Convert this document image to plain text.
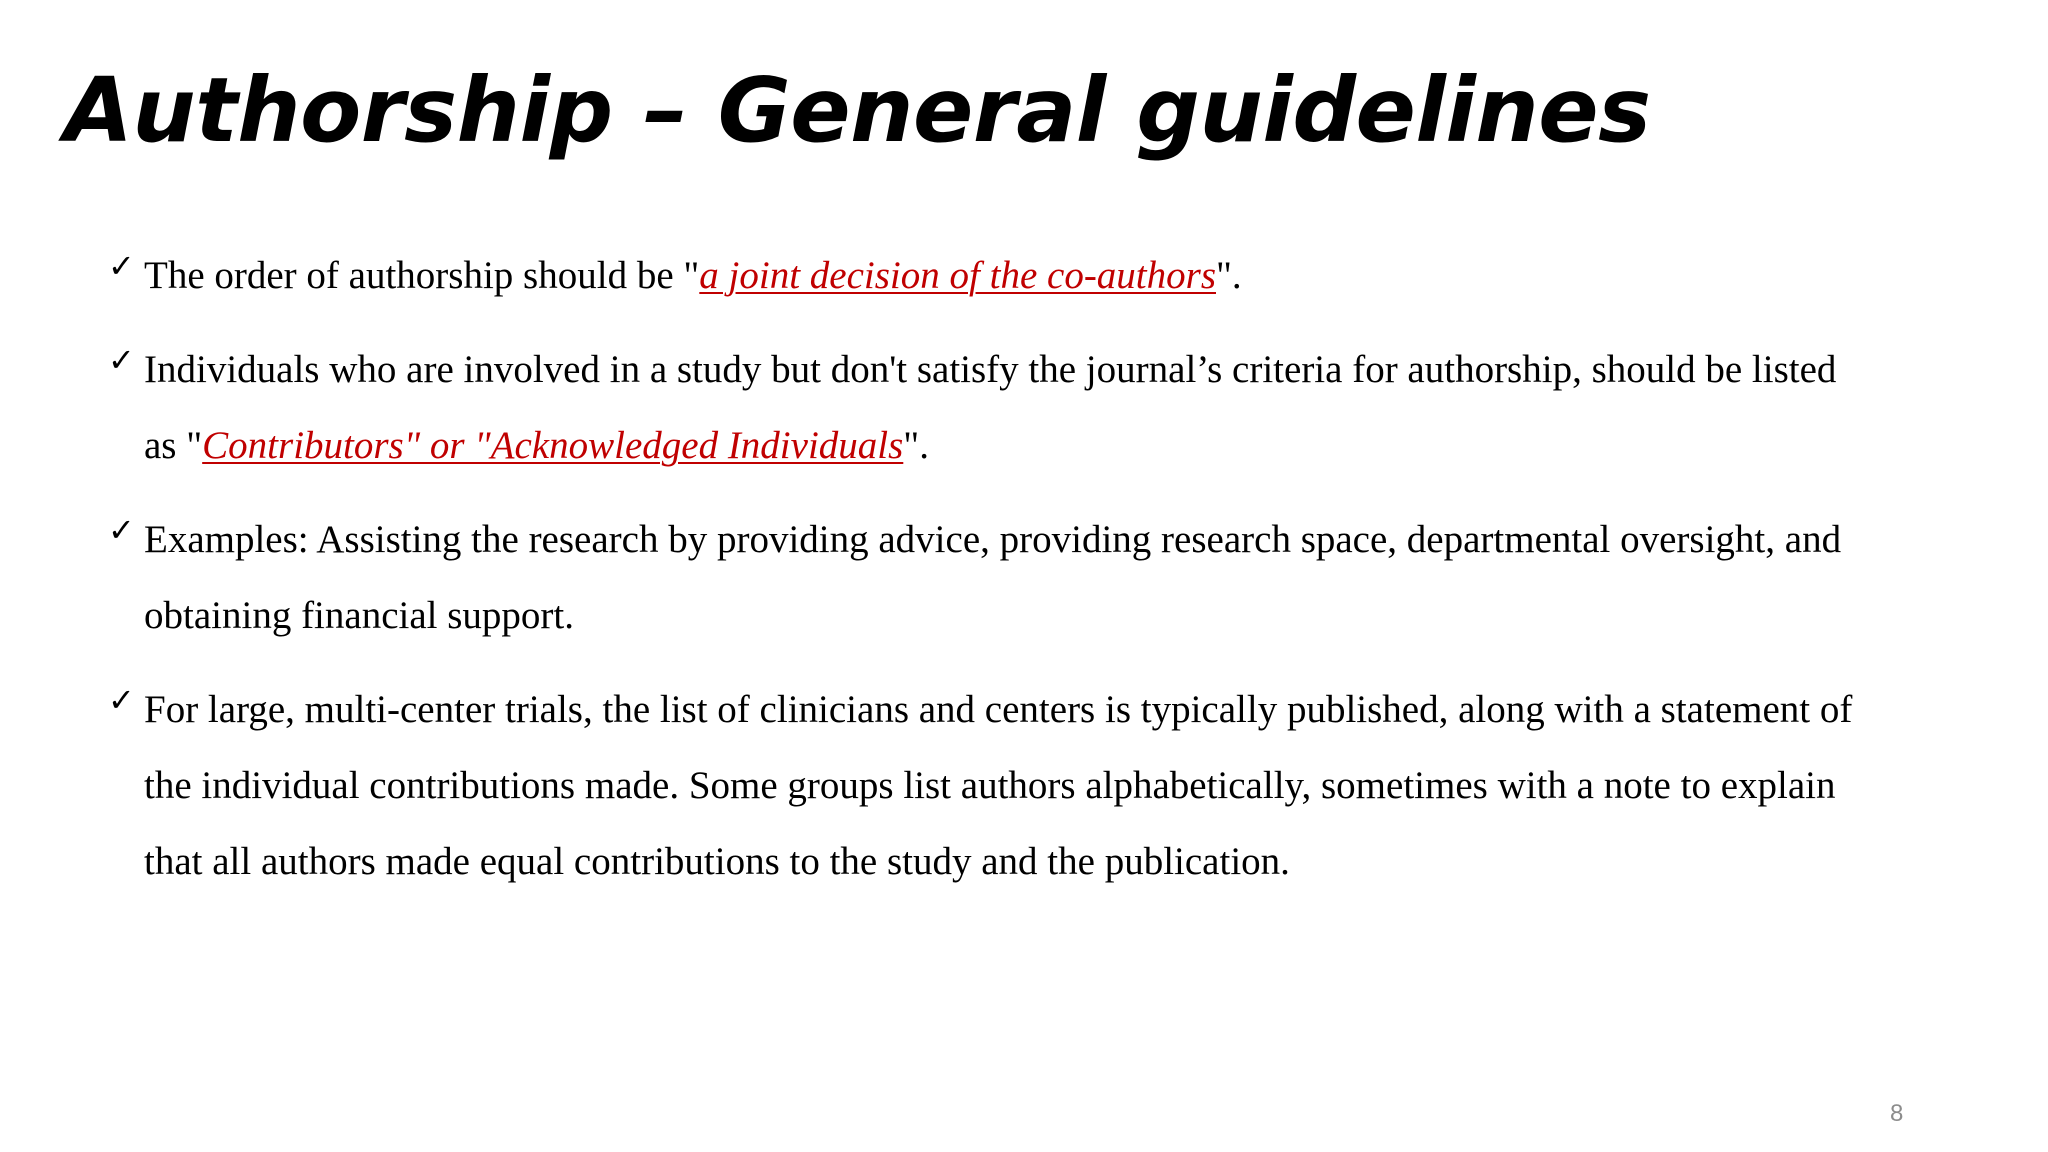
Authorship – General guidelines
✓ The order of authorship should be "a joint decision of the co-authors".
✓ Individuals who are involved in a study but don't satisfy the journal’s criteria for authorship, should be listed as "Contributors" or "Acknowledged Individuals".
✓ Examples: Assisting the research by providing advice, providing research space, departmental oversight, and obtaining financial support.
✓ For large, multi-center trials, the list of clinicians and centers is typically published, along with a statement of the individual contributions made. Some groups list authors alphabetically, sometimes with a note to explain that all authors made equal contributions to the study and the publication.
8
